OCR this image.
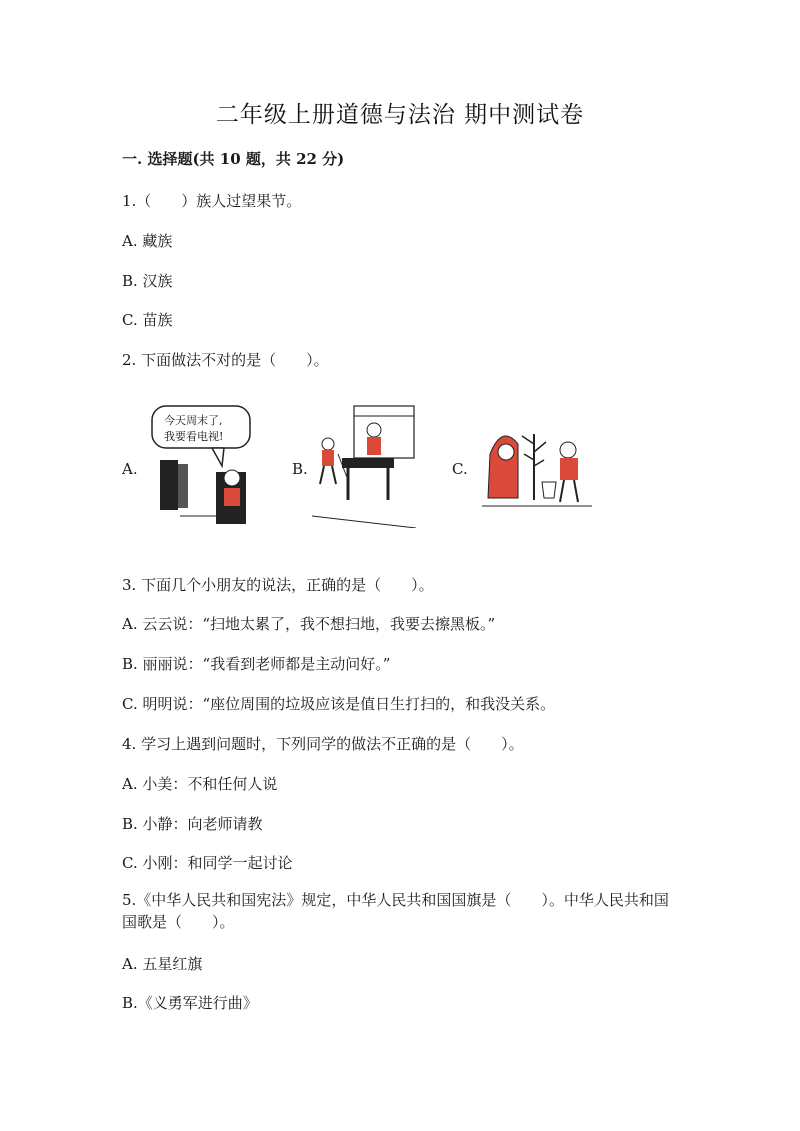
二年级上册道德与法治 期中测试卷
一. 选择题(共 10 题，共 22 分)
1.（　　）族人过望果节。
A. 藏族
B. 汉族
C. 苗族
2. 下面做法不对的是（　　）。
A.
今天周末了,
我要看电视!
B.	C.
3. 下面几个小朋友的说法，正确的是（　　）。
A. 云云说：“扫地太累了，我不想扫地，我要去擦黑板。”
B. 丽丽说：“我看到老师都是主动问好。”
C. 明明说：“座位周围的垃圾应该是值日生打扫的，和我没关系。
4. 学习上遇到问题时，下列同学的做法不正确的是（　　）。
A. 小美：不和任何人说
B. 小静：向老师请教
C. 小刚：和同学一起讨论
5.《中华人民共和国宪法》规定，中华人民共和国国旗是（　　）。中华人民共和国国歌是（　　）。
A. 五星红旗
B.《义勇军进行曲》
